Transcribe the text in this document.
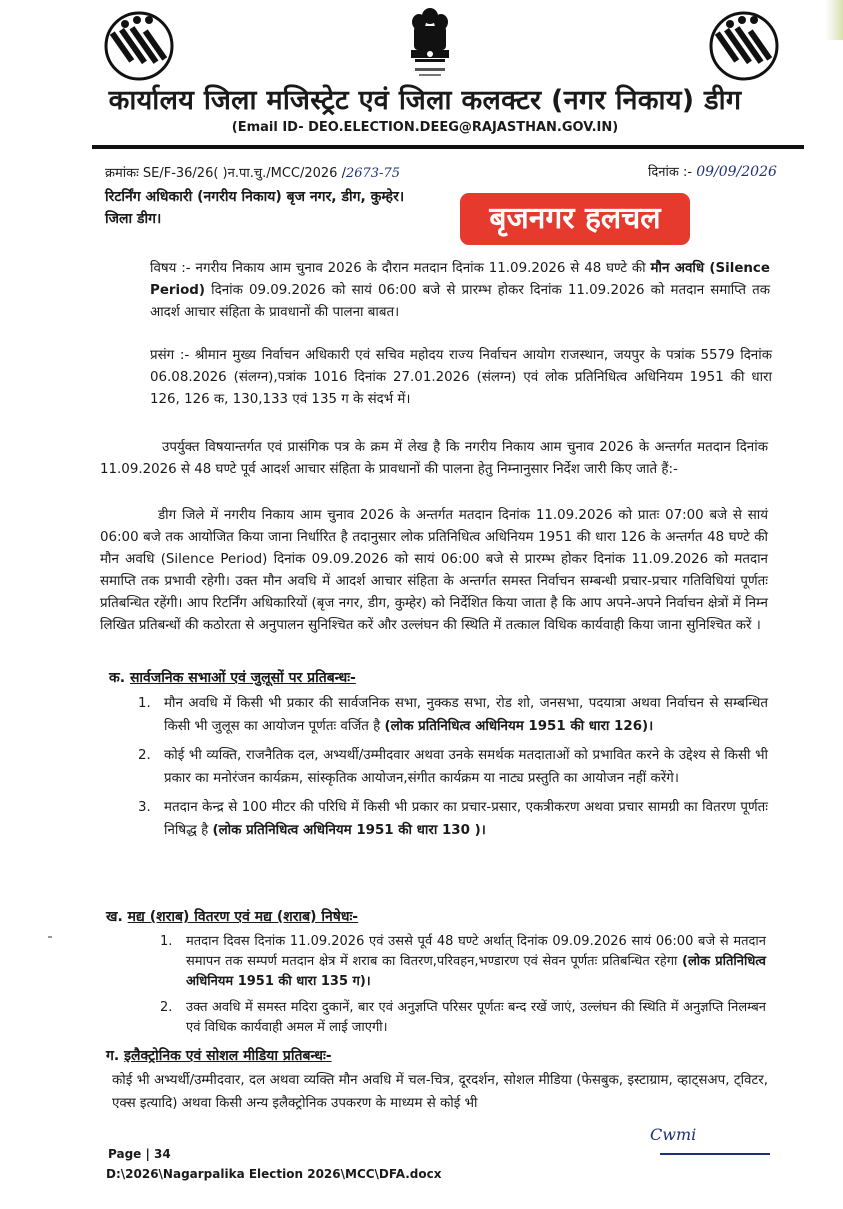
कार्यालय जिला मजिस्ट्रेट एवं जिला कलक्टर (नगर निकाय) डीग
(Email ID- DEO.ELECTION.DEEG@RAJASTHAN.GOV.IN)
क्रमांकः SE/F-36/26( )न.पा.चु./MCC/2026 /2673-75	दिनांक :- 09/09/2026
रिटर्निंग अधिकारी (नगरीय निकाय) बृज नगर, डीग, कुम्हेर।
जिला डीग।	बृजनगर हलचल
विषय :- नगरीय निकाय आम चुनाव 2026 के दौरान मतदान दिनांक 11.09.2026 से 48 घण्टे की मौन अवधि (Silence Period) दिनांक 09.09.2026 को सायं 06:00 बजे से प्रारम्भ होकर दिनांक 11.09.2026 को मतदान समाप्ति तक आदर्श आचार संहिता के प्रावधानों की पालना बाबत।
प्रसंग :- श्रीमान मुख्य निर्वाचन अधिकारी एवं सचिव महोदय राज्य निर्वाचन आयोग राजस्थान, जयपुर के पत्रांक 5579 दिनांक 06.08.2026 (संलग्न),पत्रांक 1016 दिनांक 27.01.2026 (संलग्न) एवं लोक प्रतिनिधित्व अधिनियम 1951 की धारा 126, 126 क, 130,133 एवं 135 ग के संदर्भ में।

उपर्युक्त विषयान्तर्गत एवं प्रासंगिक पत्र के क्रम में लेख है कि नगरीय निकाय आम चुनाव 2026 के अन्तर्गत मतदान दिनांक 11.09.2026 से 48 घण्टे पूर्व आदर्श आचार संहिता के प्रावधानों की पालना हेतु निम्नानुसार निर्देश जारी किए जाते हैं:-

डीग जिले में नगरीय निकाय आम चुनाव 2026 के अन्तर्गत मतदान दिनांक 11.09.2026 को प्रातः 07:00 बजे से सायं 06:00 बजे तक आयोजित किया जाना निर्धारित है तदानुसार लोक प्रतिनिधित्व अधिनियम 1951 की धारा 126 के अन्तर्गत 48 घण्टे की मौन अवधि (Silence Period) दिनांक 09.09.2026 को सायं 06:00 बजे से प्रारम्भ होकर दिनांक 11.09.2026 को मतदान समाप्ति तक प्रभावी रहेगी। उक्त मौन अवधि में आदर्श आचार संहिता के अन्तर्गत समस्त निर्वाचन सम्बन्धी प्रचार-प्रचार गतिविधियां पूर्णतः प्रतिबन्धित रहेंगी। आप रिटर्निंग अधिकारियों (बृज नगर, डीग, कुम्हेर) को निर्देशित किया जाता है कि आप अपने-अपने निर्वाचन क्षेत्रों में निम्न लिखित प्रतिबन्धों की कठोरता से अनुपालन सुनिश्चित करें और उल्लंघन की स्थिति में तत्काल विधिक कार्यवाही किया जाना सुनिश्चित करें ।

क. सार्वजनिक सभाओं एवं जुलूसों पर प्रतिबन्धः-
1. मौन अवधि में किसी भी प्रकार की सार्वजनिक सभा, नुक्कड सभा, रोड शो, जनसभा, पदयात्रा अथवा निर्वाचन से सम्बन्धित किसी भी जुलूस का आयोजन पूर्णतः वर्जित है (लोक प्रतिनिधित्व अधिनियम 1951 की धारा 126)।
2. कोई भी व्यक्ति, राजनैतिक दल, अभ्यर्थी/उम्मीदवार अथवा उनके समर्थक मतदाताओं को प्रभावित करने के उद्देश्य से किसी भी प्रकार का मनोरंजन कार्यक्रम, सांस्कृतिक आयोजन,संगीत कार्यक्रम या नाट्य प्रस्तुति का आयोजन नहीं करेंगे।
3. मतदान केन्द्र से 100 मीटर की परिधि में किसी भी प्रकार का प्रचार-प्रसार, एकत्रीकरण अथवा प्रचार सामग्री का वितरण पूर्णतः निषिद्ध है (लोक प्रतिनिधित्व अधिनियम 1951 की धारा 130 )।
ख. मद्य (शराब) वितरण एवं मद्य (शराब) निषेधः-
1. मतदान दिवस दिनांक 11.09.2026 एवं उससे पूर्व 48 घण्टे अर्थात् दिनांक 09.09.2026 सायं 06:00 बजे से मतदान समापन तक सम्पर्ण मतदान क्षेत्र में शराब का वितरण,परिवहन,भण्डारण एवं सेवन पूर्णतः प्रतिबन्धित रहेगा (लोक प्रतिनिधित्व अधिनियम 1951 की धारा 135 ग)।
2. उक्त अवधि में समस्त मदिरा दुकानें, बार एवं अनुज्ञप्ति परिसर पूर्णतः बन्द रखें जाएं, उल्लंघन की स्थिति में अनुज्ञप्ति निलम्बन एवं विधिक कार्यवाही अमल में लाई जाएगी।
ग. इलैक्ट्रोनिक एवं सोशल मीडिया प्रतिबन्धः-

कोई भी अभ्यर्थी/उम्मीदवार, दल अथवा व्यक्ति मौन अवधि में चल-चित्र, दूरदर्शन, सोशल मीडिया (फेसबुक, इस्टाग्राम, व्हाट्सअप, ट्विटर, एक्स इत्यादि) अथवा किसी अन्य इलैक्ट्रोनिक उपकरण के माध्यम से कोई भी

Cwmi
Page | 34
D:\2026\Nagarpalika Election 2026\MCC\DFA.docx
